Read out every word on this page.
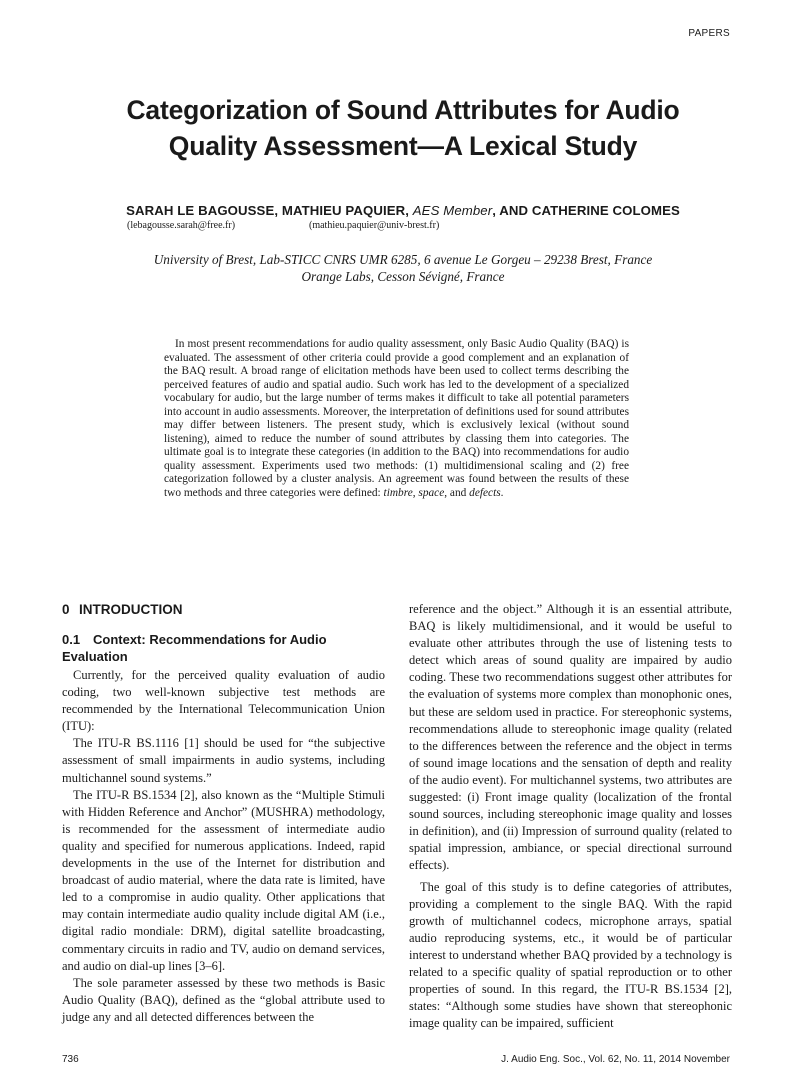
PAPERS
Categorization of Sound Attributes for Audio
Quality Assessment—A Lexical Study
SARAH LE BAGOUSSE, MATHIEU PAQUIER, AES Member, AND CATHERINE COLOMES
(lebagousse.sarah@free.fr)	(mathieu.paquier@univ-brest.fr)
University of Brest, Lab-STICC CNRS UMR 6285, 6 avenue Le Gorgeu – 29238 Brest, France
Orange Labs, Cesson Sévigné, France

In most present recommendations for audio quality assessment, only Basic Audio Quality (BAQ) is evaluated. The assessment of other criteria could provide a good complement and an explanation of the BAQ result. A broad range of elicitation methods have been used to collect terms describing the perceived features of audio and spatial audio. Such work has led to the development of a specialized vocabulary for audio, but the large number of terms makes it difficult to take all potential parameters into account in audio assessments. Moreover, the interpretation of definitions used for sound attributes may differ between listeners. The present study, which is exclusively lexical (without sound listening), aimed to reduce the number of sound attributes by classing them into categories. The ultimate goal is to integrate these categories (in addition to the BAQ) into recommendations for audio quality assessment. Experiments used two methods: (1) multidimensional scaling and (2) free categorization followed by a cluster analysis. An agreement was found between the results of these two methods and three categories were defined: timbre, space, and defects.

0 INTRODUCTION
0.1 Context: Recommendations for Audio Evaluation

Currently, for the perceived quality evaluation of audio coding, two well-known subjective test methods are recommended by the International Telecommunication Union (ITU):

The ITU-R BS.1116 [1] should be used for “the subjective assessment of small impairments in audio systems, including multichannel sound systems.”

The ITU-R BS.1534 [2], also known as the “Multiple Stimuli with Hidden Reference and Anchor” (MUSHRA) methodology, is recommended for the assessment of intermediate audio quality and specified for numerous applications. Indeed, rapid developments in the use of the Internet for distribution and broadcast of audio material, where the data rate is limited, have led to a compromise in audio quality. Other applications that may contain intermediate audio quality include digital AM (i.e., digital radio mondiale: DRM), digital satellite broadcasting, commentary circuits in radio and TV, audio on demand services, and audio on dial-up lines [3–6].

The sole parameter assessed by these two methods is Basic Audio Quality (BAQ), defined as the “global attribute used to judge any and all detected differences between the

reference and the object.” Although it is an essential attribute, BAQ is likely multidimensional, and it would be useful to evaluate other attributes through the use of listening tests to detect which areas of sound quality are impaired by audio coding. These two recommendations suggest other attributes for the evaluation of systems more complex than monophonic ones, but these are seldom used in practice. For stereophonic systems, recommendations allude to stereophonic image quality (related to the differences between the reference and the object in terms of sound image locations and the sensation of depth and reality of the audio event). For multichannel systems, two attributes are suggested: (i) Front image quality (localization of the frontal sound sources, including stereophonic image quality and losses in definition), and (ii) Impression of surround quality (related to spatial impression, ambiance, or special directional surround effects).

The goal of this study is to define categories of attributes, providing a complement to the single BAQ. With the rapid growth of multichannel codecs, microphone arrays, spatial audio reproducing systems, etc., it would be of particular interest to understand whether BAQ provided by a technology is related to a specific quality of spatial reproduction or to other properties of sound. In this regard, the ITU-R BS.1534 [2], states: “Although some studies have shown that stereophonic image quality can be impaired, sufficient

736	J. Audio Eng. Soc., Vol. 62, No. 11, 2014 November
